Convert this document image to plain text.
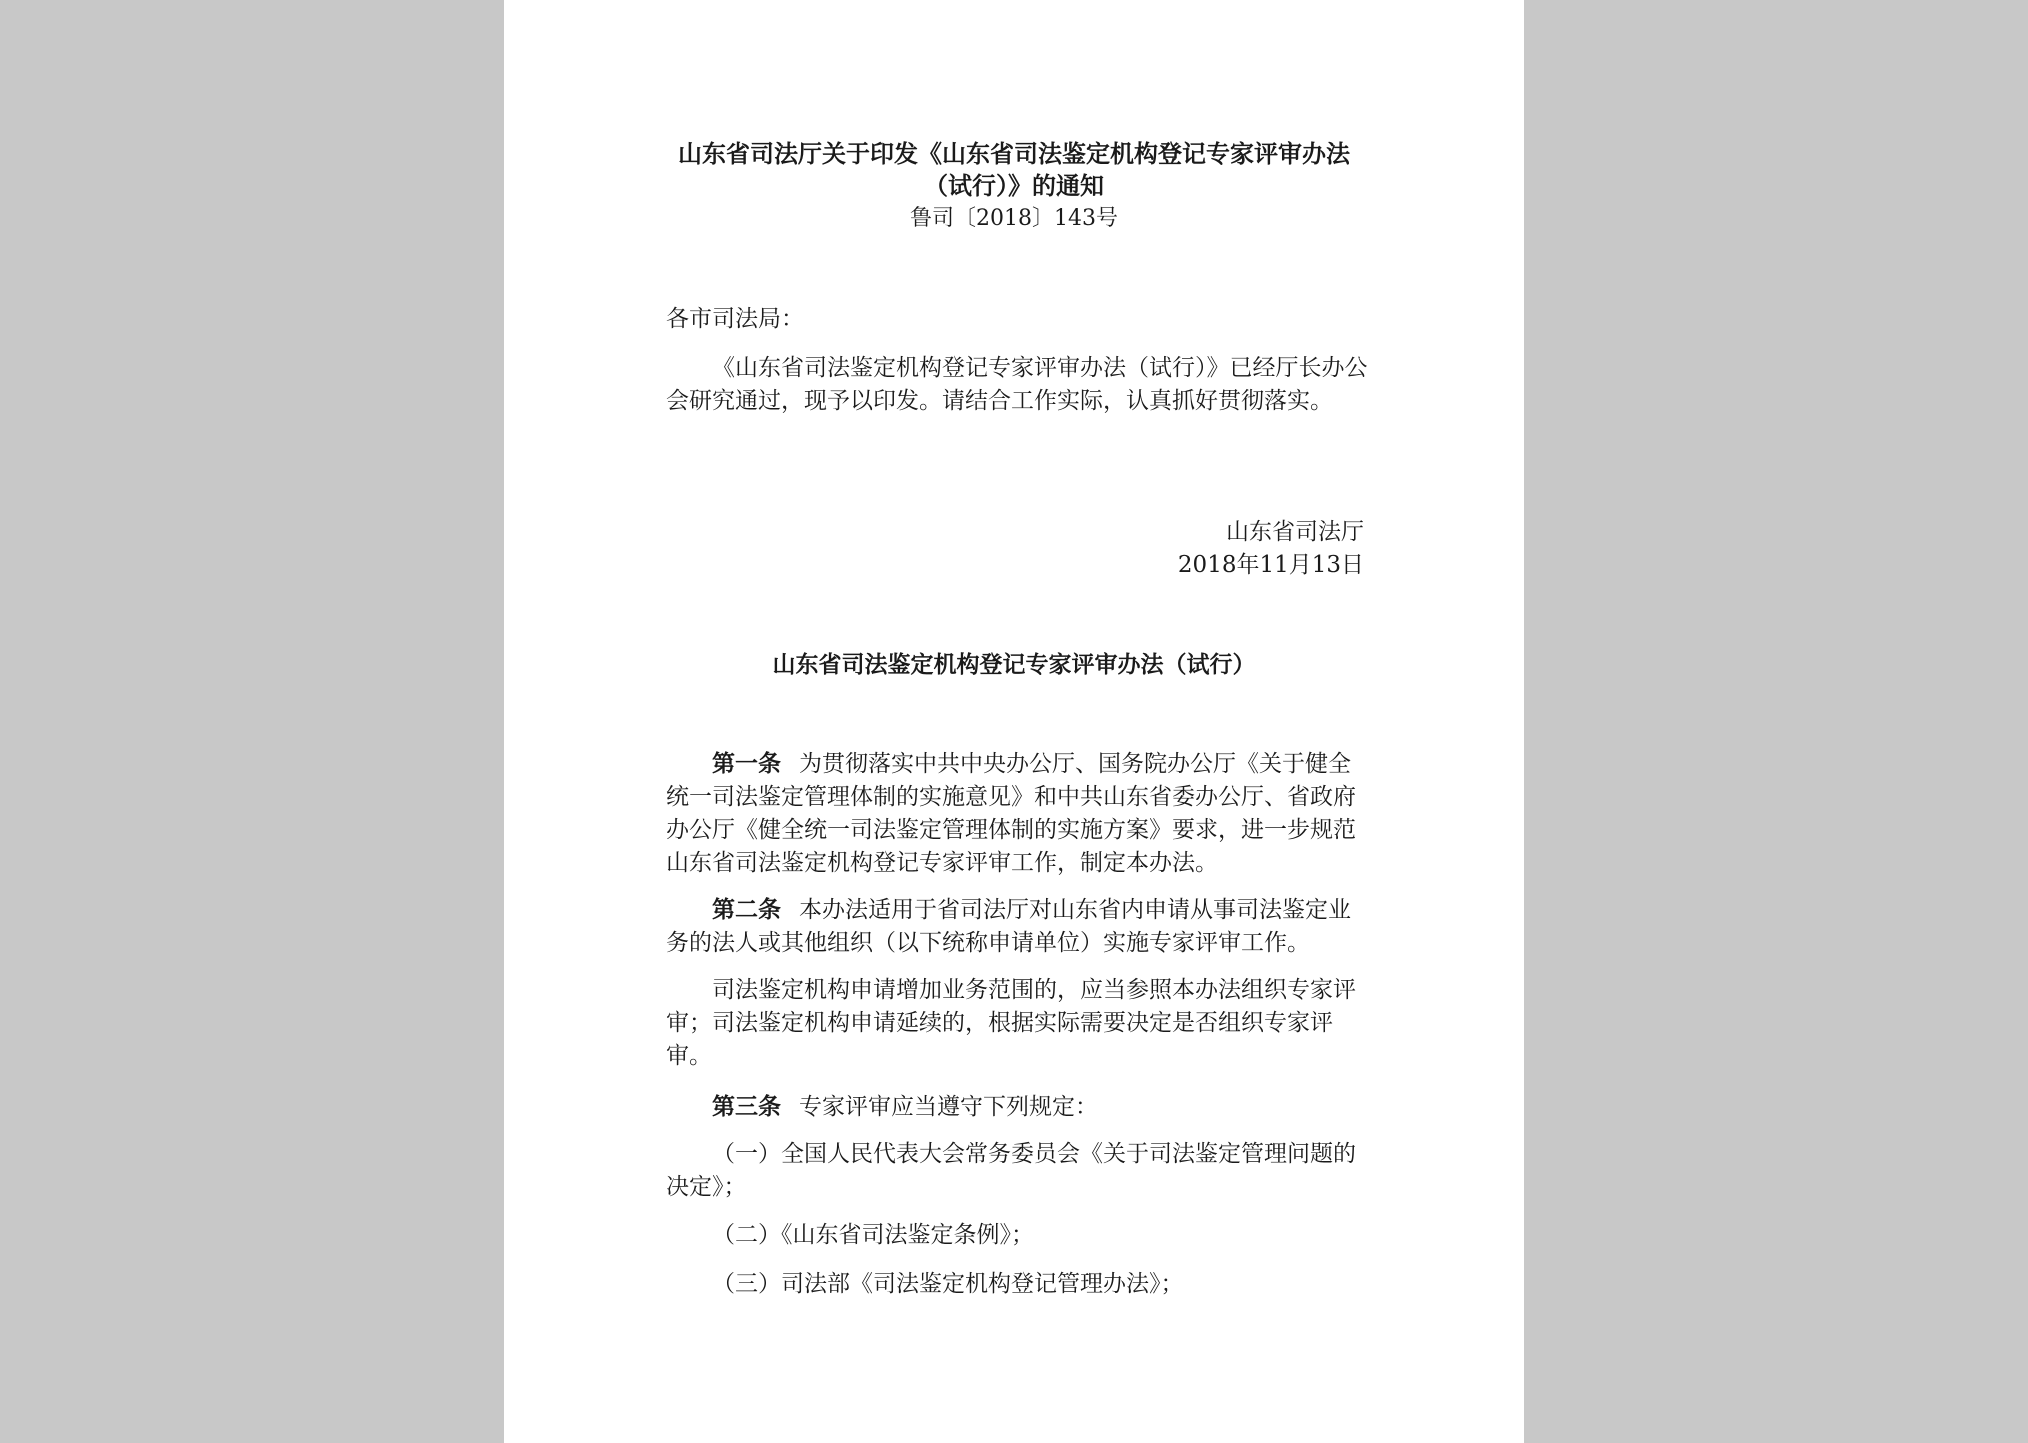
山东省司法厅关于印发《山东省司法鉴定机构登记专家评审办法
（试行）》的通知
鲁司〔2018〕143号
各市司法局：
《山东省司法鉴定机构登记专家评审办法（试行）》已经厅长办公会研究通过，现予以印发。请结合工作实际，认真抓好贯彻落实。
山东省司法厅
2018年11月13日
山东省司法鉴定机构登记专家评审办法（试行）
第一条 为贯彻落实中共中央办公厅、国务院办公厅《关于健全统一司法鉴定管理体制的实施意见》和中共山东省委办公厅、省政府办公厅《健全统一司法鉴定管理体制的实施方案》要求，进一步规范山东省司法鉴定机构登记专家评审工作，制定本办法。
第二条 本办法适用于省司法厅对山东省内申请从事司法鉴定业务的法人或其他组织（以下统称申请单位）实施专家评审工作。
司法鉴定机构申请增加业务范围的，应当参照本办法组织专家评审；司法鉴定机构申请延续的，根据实际需要决定是否组织专家评审。
第三条 专家评审应当遵守下列规定：
（一）全国人民代表大会常务委员会《关于司法鉴定管理问题的决定》；
（二）《山东省司法鉴定条例》；
（三）司法部《司法鉴定机构登记管理办法》；
